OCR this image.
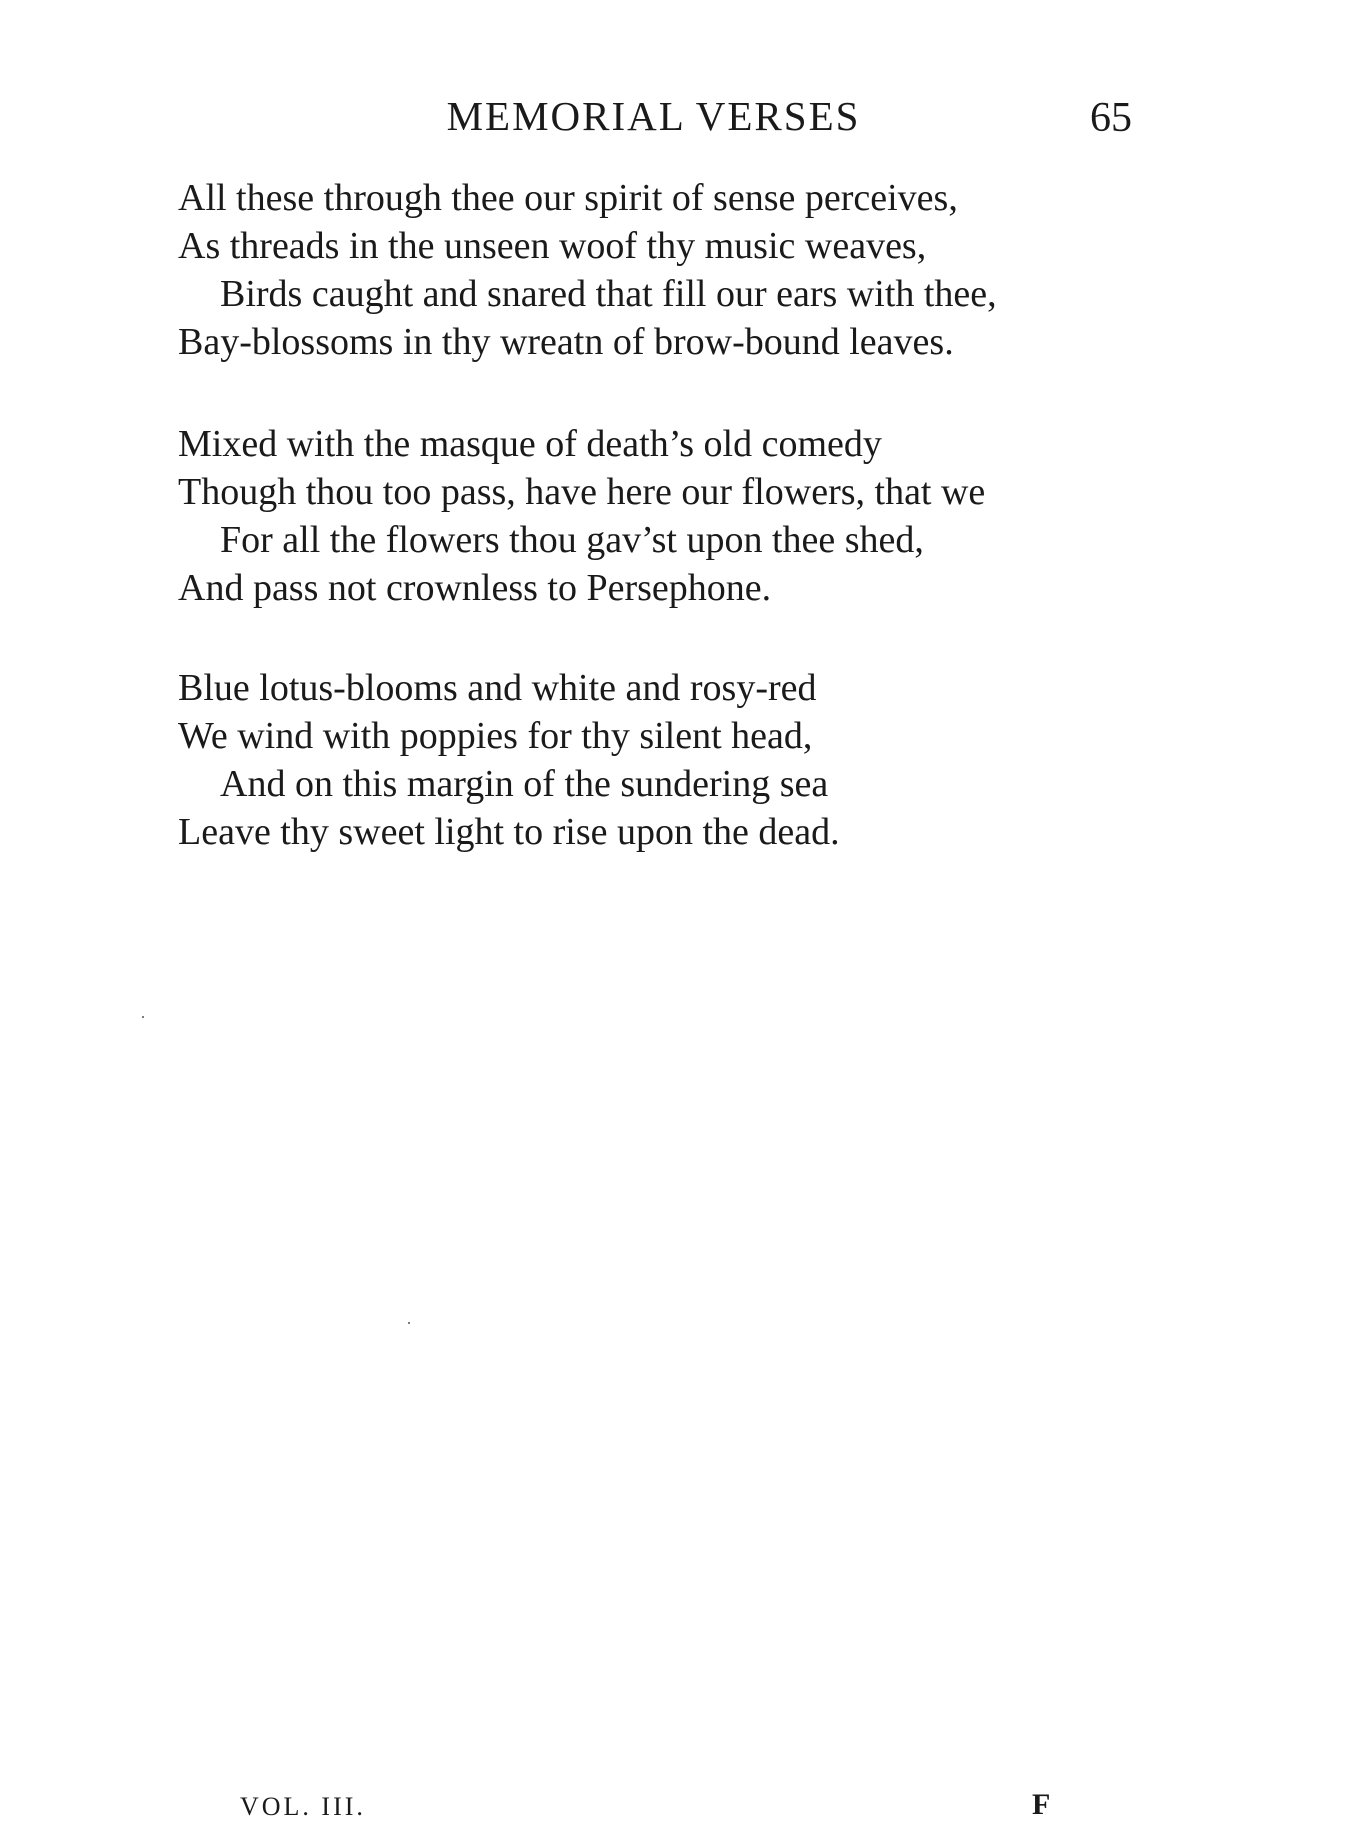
MEMORIAL VERSES	65
All these through thee our spirit of sense perceives,
As threads in the unseen woof thy music weaves,
Birds caught and snared that fill our ears with thee,
Bay-blossoms in thy wreatn of brow-bound leaves.
Mixed with the masque of death’s old comedy
Though thou too pass, have here our flowers, that we
For all the flowers thou gav’st upon thee shed,
And pass not crownless to Persephone.
Blue lotus-blooms and white and rosy-red
We wind with poppies for thy silent head,
And on this margin of the sundering sea
Leave thy sweet light to rise upon the dead.
VOL. III.	F
